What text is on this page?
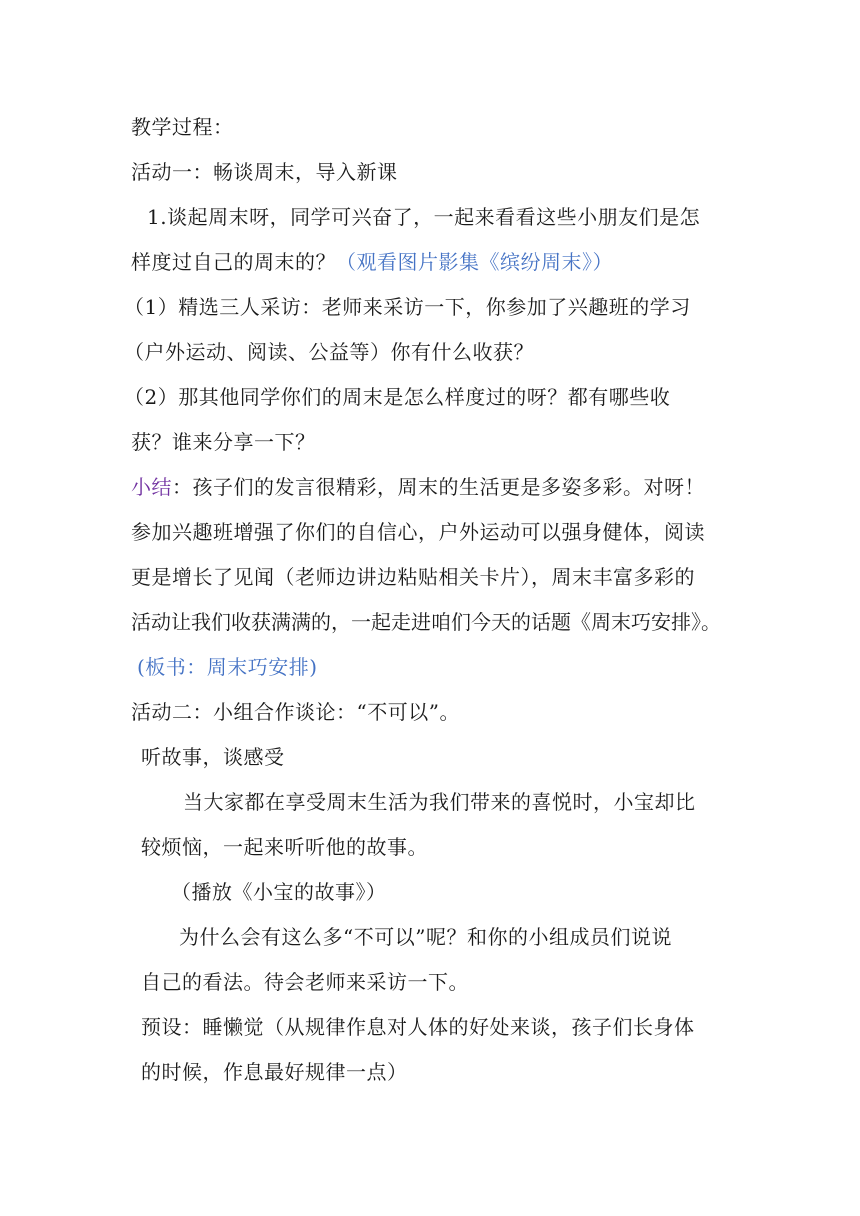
教学过程：
活动一：畅谈周末，导入新课
1.谈起周末呀，同学可兴奋了，一起来看看这些小朋友们是怎
样度过自己的周末的？（观看图片影集《缤纷周末》）
（1）精选三人采访：老师来采访一下，你参加了兴趣班的学习
（户外运动、阅读、公益等）你有什么收获？
（2）那其他同学你们的周末是怎么样度过的呀？都有哪些收
获？谁来分享一下？
小结：孩子们的发言很精彩，周末的生活更是多姿多彩。对呀！
参加兴趣班增强了你们的自信心，户外运动可以强身健体，阅读
更是增长了见闻（老师边讲边粘贴相关卡片），周末丰富多彩的
活动让我们收获满满的，一起走进咱们今天的话题《周末巧安排》。
(板书：周末巧安排)
活动二：小组合作谈论：“不可以”。
听故事，谈感受
当大家都在享受周末生活为我们带来的喜悦时，小宝却比
较烦恼，一起来听听他的故事。
（播放《小宝的故事》）
为什么会有这么多“不可以”呢？和你的小组成员们说说
自己的看法。待会老师来采访一下。
预设：睡懒觉（从规律作息对人体的好处来谈，孩子们长身体
的时候，作息最好规律一点）
